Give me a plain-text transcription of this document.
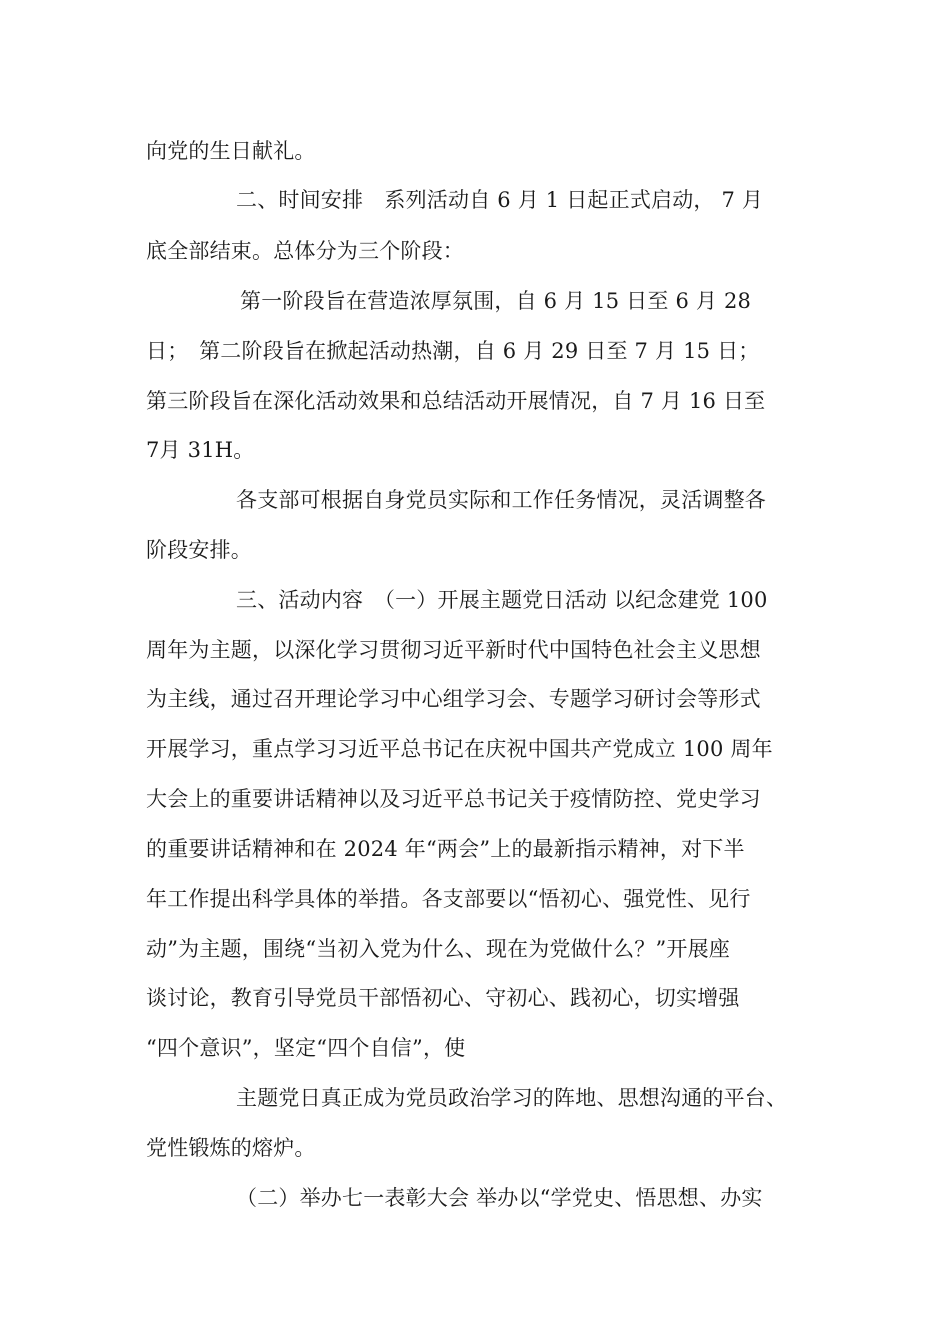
向党的生日献礼。
二、时间安排　系列活动自 6 月 1 日起正式启动， 7 月
底全部结束。总体分为三个阶段：
第一阶段旨在营造浓厚氛围，自 6 月 15 日至 6 月 28
日；　第二阶段旨在掀起活动热潮，自 6 月 29 日至 7 月 15 日；
第三阶段旨在深化活动效果和总结活动开展情况，自 7 月 16 日至
7月 31H。
各支部可根据自身党员实际和工作任务情况，灵活调整各
阶段安排。
三、活动内容　（一）开展主题党日活动 以纪念建党 100
周年为主题，以深化学习贯彻习近平新时代中国特色社会主义思想
为主线，通过召开理论学习中心组学习会、专题学习研讨会等形式
开展学习，重点学习习近平总书记在庆祝中国共产党成立 100 周年
大会上的重要讲话精神以及习近平总书记关于疫情防控、党史学习
的重要讲话精神和在 2024 年“两会”上的最新指示精神，对下半
年工作提出科学具体的举措。各支部要以“悟初心、强党性、见行
动”为主题，围绕“当初入党为什么、现在为党做什么？”开展座
谈讨论，教育引导党员干部悟初心、守初心、践初心，切实增强
“四个意识”，坚定“四个自信”，使
主题党日真正成为党员政治学习的阵地、思想沟通的平台、
党性锻炼的熔炉。
（二）举办七一表彰大会 举办以“学党史、悟思想、办实
